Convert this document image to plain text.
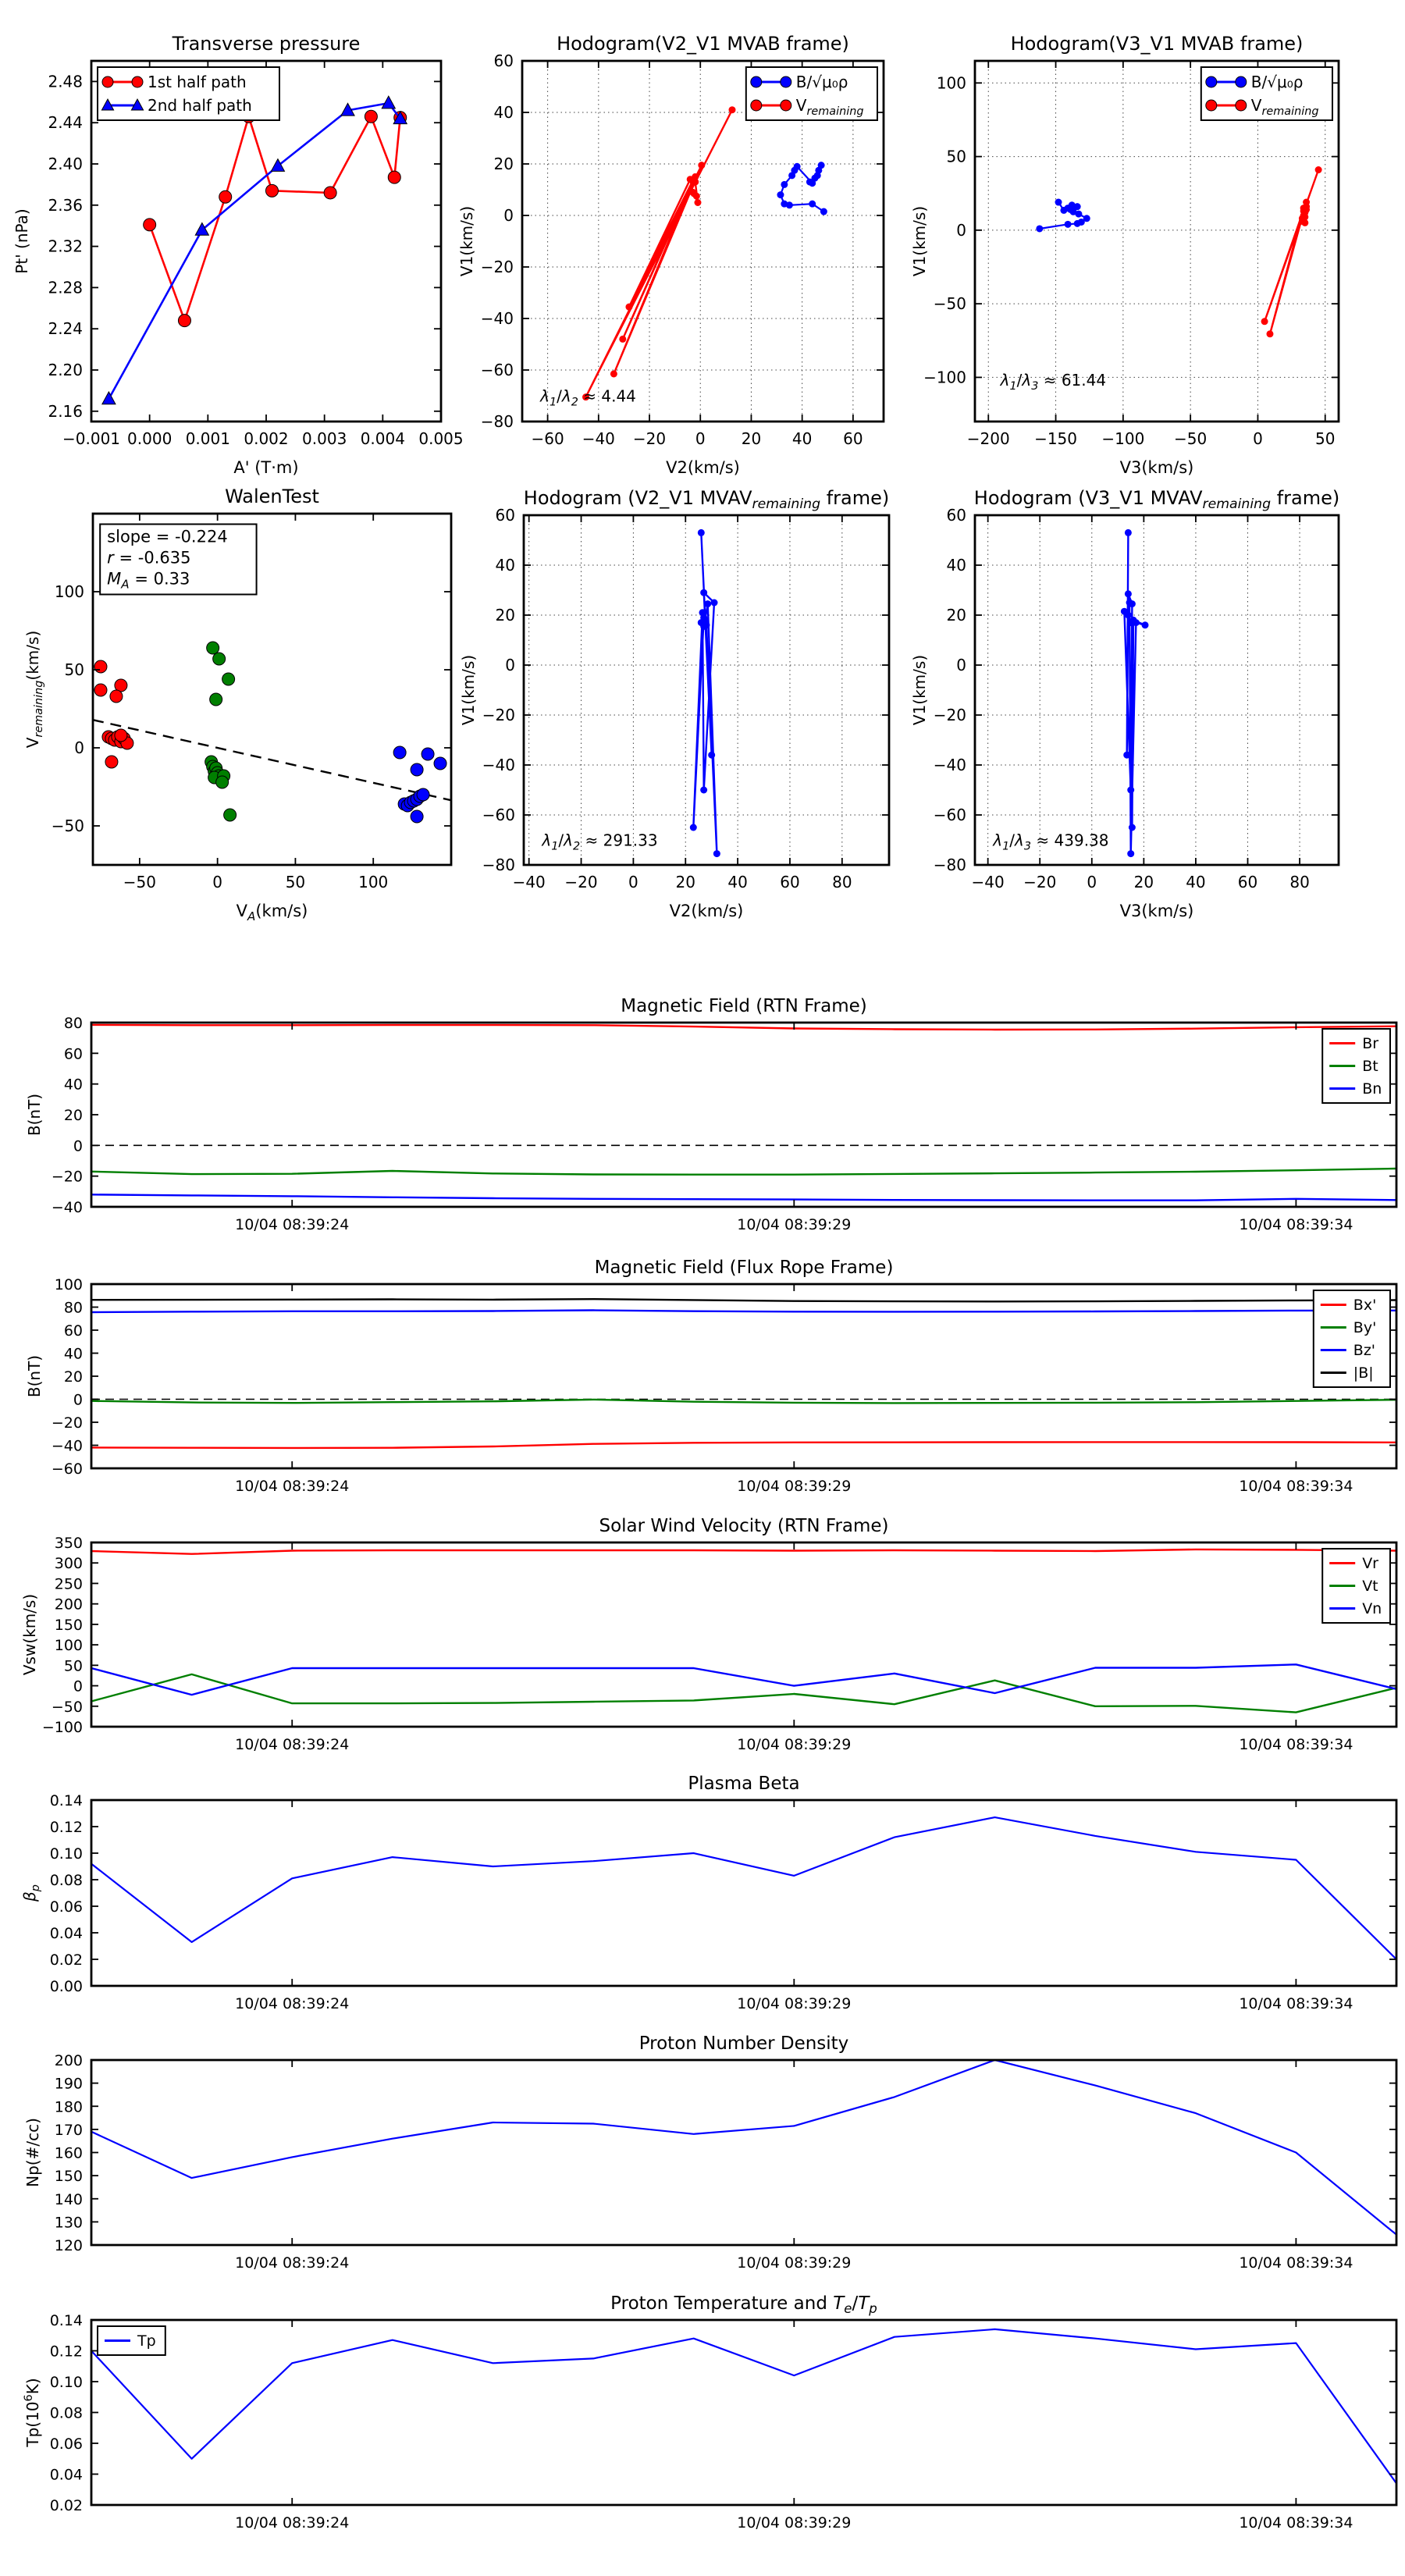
−0.001 0.000 0.001 0.002 0.003 0.004 0.005
2.16
2.20
2.24
2.28
2.32
2.36
2.40
2.44
2.48
Transverse pressure
A' (T·m)
Pt' (nPa)
1st half path
2nd half path
−60 −40 −20 0 20 40 60
−80
−60
−40
−20
0
20
40
60
Hodogram(V2_V1 MVAB frame)
V2(km/s)
V1(km/s)
$\lambda_1/\lambda_2 \approx 4.44$
B/√μ₀ρ
$V_{remaining}$
−200 −150 −100 −50	0	50
−100
−50
0
50
100
Hodogram(V3_V1 MVAB frame)
V3(km/s)
V1(km/s)
$\lambda_1/\lambda_3 \approx 61.44$
B/√μ₀ρ
$V_{remaining}$
−50	0	50	100
−50
0
50
100
WalenTest
$V_A(km/s)$
$V_{remaining}(km/s)$
slope = -0.224
r = -0.635
$M_A = 0.33$
−40 −20 0 20 40 60 80
−80
−60
−40
−20
0
20
40
60
Hodogram (V2_V1 $MVAV_{remaining}$ frame)
V2(km/s)
V1(km/s)
$\lambda_1/\lambda_2 \approx 291.33$
−40 −20 0 20 40 60 80
−80
−60
−40
−20
0
20
40
60
Hodogram (V3_V1 $MVAV_{remaining}$ frame)
V3(km/s)
V1(km/s)
$\lambda_1/\lambda_3 \approx 439.38$
10/04 08:39:24	10/04 08:39:29	10/04 08:39:34
−40
−20
0
20
40
60
80
Magnetic Field (RTN Frame)
B(nT)
Br
Bt
Bn
10/04 08:39:24	10/04 08:39:29	10/04 08:39:34
−60
−40
−20
0
20
40
60
80
100
Magnetic Field (Flux Rope Frame)
B(nT)
Bx'
By'
Bz'
|B|
10/04 08:39:24	10/04 08:39:29	10/04 08:39:34
−100
−50
0
50
100
150
200
250
300
350
Solar Wind Velocity (RTN Frame)
Vsw(km/s)
Vr
Vt
Vn
10/04 08:39:24	10/04 08:39:29	10/04 08:39:34
0.00
0.02
0.04
0.06
0.08
0.10
0.12
0.14
Plasma Beta
$\beta_p$
10/04 08:39:24	10/04 08:39:29	10/04 08:39:34
120
130
140
150
160
170
180
190
200
Proton Number Density
Np(#/cc)
10/04 08:39:24	10/04 08:39:29	10/04 08:39:34
0.02
0.04
0.06
0.08
0.10
0.12
0.14
Proton Temperature and $T_e/T_p$
$Tp(10^6K)$
Tp
